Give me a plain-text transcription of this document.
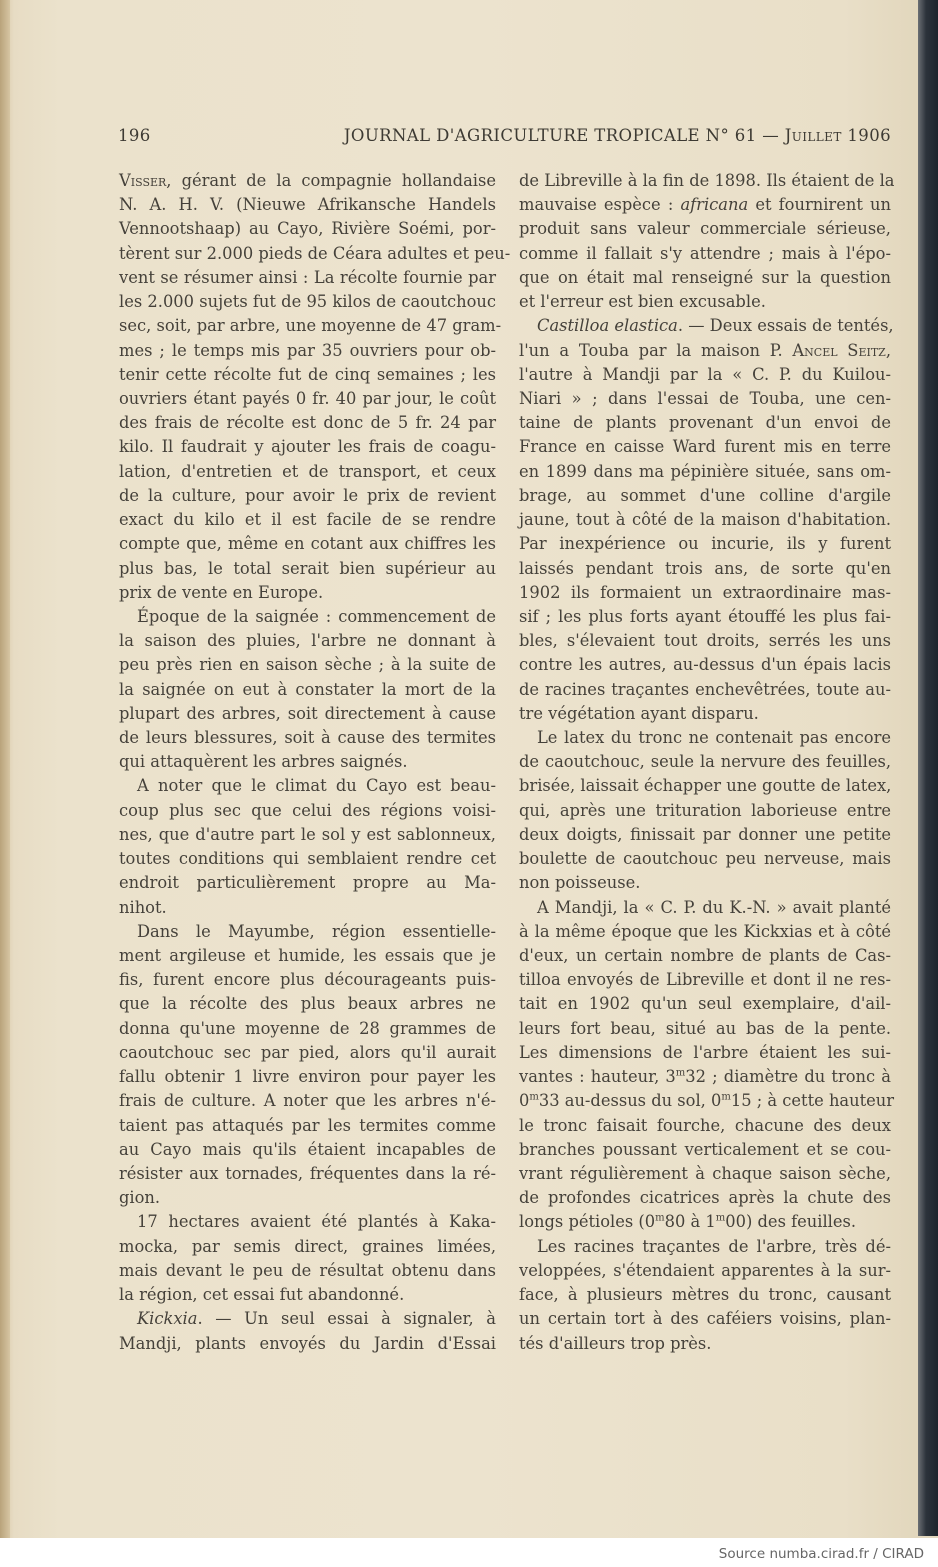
196	JOURNAL D'AGRICULTURE TROPICALE N° 61 — Juillet 1906
Visser, gérant de la compagnie hollandaise
N. A. H. V. (Nieuwe Afrikansche Handels
Vennootshaap) au Cayo, Rivière Soémi, por-
tèrent sur 2.000 pieds de Céara adultes et peu-
vent se résumer ainsi : La récolte fournie par
les 2.000 sujets fut de 95 kilos de caoutchouc
sec, soit, par arbre, une moyenne de 47 gram-
mes ; le temps mis par 35 ouvriers pour ob-
tenir cette récolte fut de cinq semaines ; les
ouvriers étant payés 0 fr. 40 par jour, le coût
des frais de récolte est donc de 5 fr. 24 par
kilo. Il faudrait y ajouter les frais de coagu-
lation, d'entretien et de transport, et ceux
de la culture, pour avoir le prix de revient
exact du kilo et il est facile de se rendre
compte que, même en cotant aux chiffres les
plus bas, le total serait bien supérieur au
prix de vente en Europe.
Époque de la saignée : commencement de
la saison des pluies, l'arbre ne donnant à
peu près rien en saison sèche ; à la suite de
la saignée on eut à constater la mort de la
plupart des arbres, soit directement à cause
de leurs blessures, soit à cause des termites
qui attaquèrent les arbres saignés.
A noter que le climat du Cayo est beau-
coup plus sec que celui des régions voisi-
nes, que d'autre part le sol y est sablonneux,
toutes conditions qui semblaient rendre cet
endroit particulièrement propre au Ma-
nihot.
Dans le Mayumbe, région essentielle-
ment argileuse et humide, les essais que je
fis, furent encore plus décourageants puis-
que la récolte des plus beaux arbres ne
donna qu'une moyenne de 28 grammes de
caoutchouc sec par pied, alors qu'il aurait
fallu obtenir 1 livre environ pour payer les
frais de culture. A noter que les arbres n'é-
taient pas attaqués par les termites comme
au Cayo mais qu'ils étaient incapables de
résister aux tornades, fréquentes dans la ré-
gion.
17 hectares avaient été plantés à Kaka-
mocka, par semis direct, graines limées,
mais devant le peu de résultat obtenu dans
la région, cet essai fut abandonné.
Kickxia. — Un seul essai à signaler, à
Mandji, plants envoyés du Jardin d'Essai
de Libreville à la fin de 1898. Ils étaient de la
mauvaise espèce : africana et fournirent un
produit sans valeur commerciale sérieuse,
comme il fallait s'y attendre ; mais à l'épo-
que on était mal renseigné sur la question
et l'erreur est bien excusable.
Castilloa elastica. — Deux essais de tentés,
l'un a Touba par la maison P. Ancel Seitz,
l'autre à Mandji par la « C. P. du Kuilou-
Niari » ; dans l'essai de Touba, une cen-
taine de plants provenant d'un envoi de
France en caisse Ward furent mis en terre
en 1899 dans ma pépinière située, sans om-
brage, au sommet d'une colline d'argile
jaune, tout à côté de la maison d'habitation.
Par inexpérience ou incurie, ils y furent
laissés pendant trois ans, de sorte qu'en
1902 ils formaient un extraordinaire mas-
sif ; les plus forts ayant étouffé les plus fai-
bles, s'élevaient tout droits, serrés les uns
contre les autres, au-dessus d'un épais lacis
de racines traçantes enchevêtrées, toute au-
tre végétation ayant disparu.
Le latex du tronc ne contenait pas encore
de caoutchouc, seule la nervure des feuilles,
brisée, laissait échapper une goutte de latex,
qui, après une trituration laborieuse entre
deux doigts, finissait par donner une petite
boulette de caoutchouc peu nerveuse, mais
non poisseuse.
A Mandji, la « C. P. du K.-N. » avait planté
à la même époque que les Kickxias et à côté
d'eux, un certain nombre de plants de Cas-
tilloa envoyés de Libreville et dont il ne res-
tait en 1902 qu'un seul exemplaire, d'ail-
leurs fort beau, situé au bas de la pente.
Les dimensions de l'arbre étaient les sui-
vantes : hauteur, 3$^m$32 ; diamètre du tronc à
0$^m$33 au-dessus du sol, 0$^m$15 ; à cette hauteur
le tronc faisait fourche, chacune des deux
branches poussant verticalement et se cou-
vrant régulièrement à chaque saison sèche,
de profondes cicatrices après la chute des
longs pétioles (0$^m$80 à 1$^m$00) des feuilles.
Les racines traçantes de l'arbre, très dé-
veloppées, s'étendaient apparentes à la sur-
face, à plusieurs mètres du tronc, causant
un certain tort à des caféiers voisins, plan-
tés d'ailleurs trop près.
Source numba.cirad.fr / CIRAD
